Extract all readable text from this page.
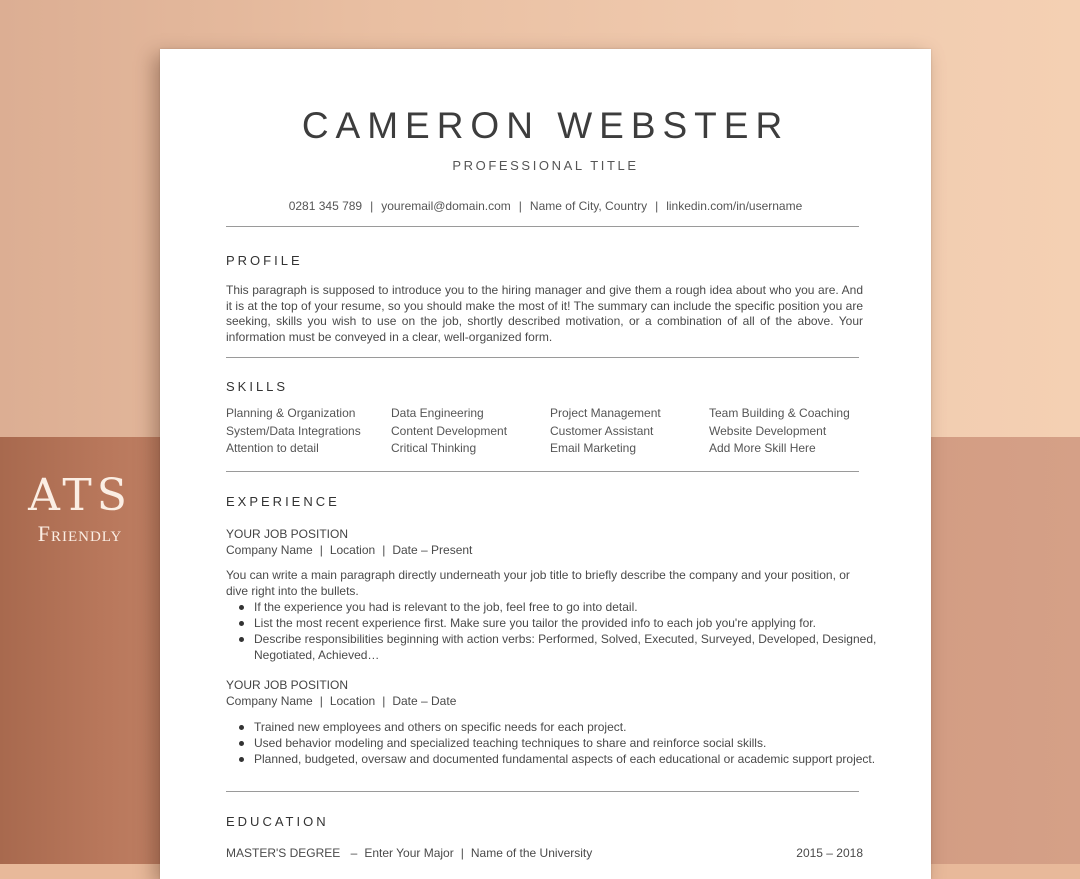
ATS
Friendly
CAMERON WEBSTER
PROFESSIONAL TITLE
0281 345 789 | youremail@domain.com | Name of City, Country | linkedin.com/in/username
PROFILE

This paragraph is supposed to introduce you to the hiring manager and give them a rough idea about who you are. And it is at the top of your resume, so you should make the most of it! The summary can include the specific position you are seeking, skills you wish to use on the job, shortly described motivation, or a combination of all of the above. Your information must be conveyed in a clear, well-organized form.

SKILLS
Planning & Organization
System/Data Integrations
Attention to detail
Data Engineering
Content Development
Critical Thinking
Project Management
Customer Assistant
Email Marketing
Team Building & Coaching
Website Development
Add More Skill Here
EXPERIENCE
YOUR JOB POSITION
Company Name | Location | Date – Present

You can write a main paragraph directly underneath your job title to briefly describe the company and your position, or dive right into the bullets.

If the experience you had is relevant to the job, feel free to go into detail.
List the most recent experience first. Make sure you tailor the provided info to each job you're applying for.
Describe responsibilities beginning with action verbs: Performed, Solved, Executed, Surveyed, Developed, Designed, Negotiated, Achieved…
YOUR JOB POSITION
Company Name | Location | Date – Date
Trained new employees and others on specific needs for each project.
Used behavior modeling and specialized teaching techniques to share and reinforce social skills.
Planned, budgeted, oversaw and documented fundamental aspects of each educational or academic support project.
EDUCATION
MASTER'S DEGREE – Enter Your Major | Name of the University	2015 – 2018
